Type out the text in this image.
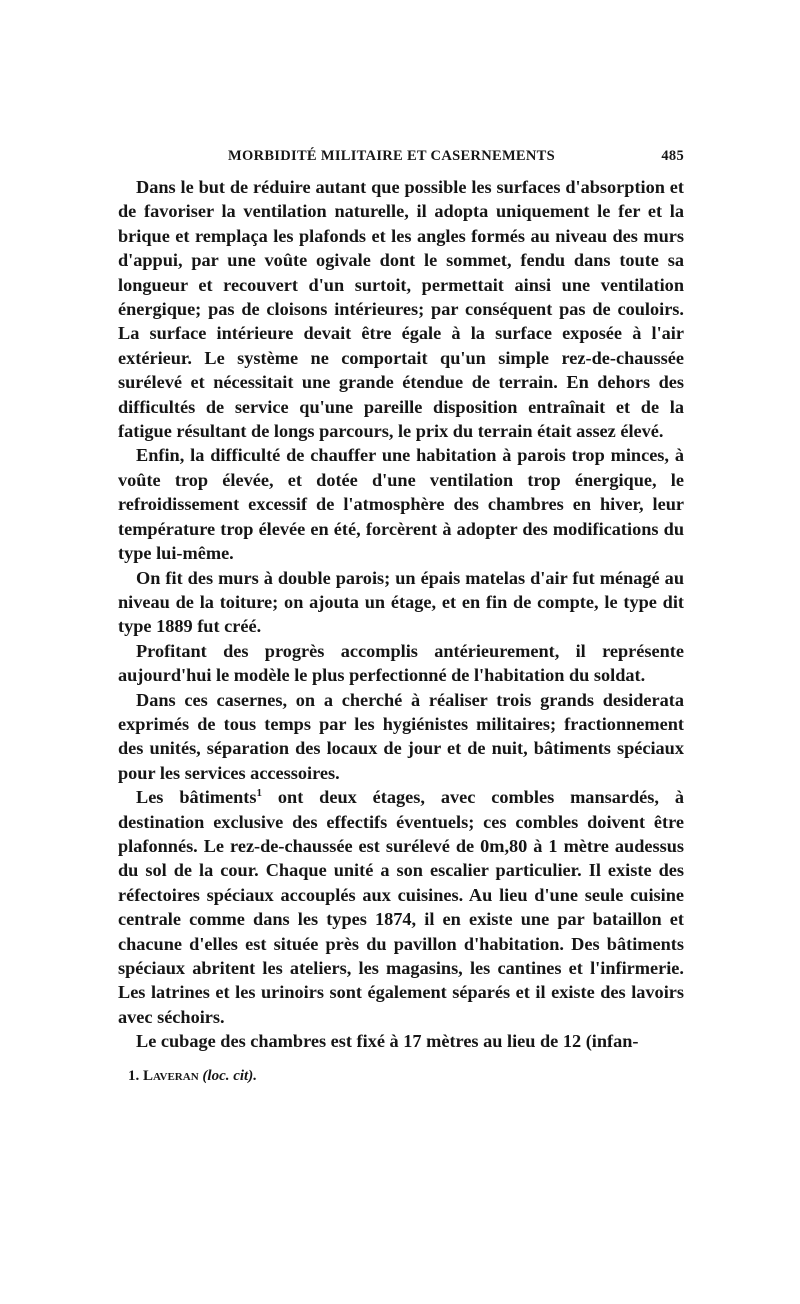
MORBIDITÉ MILITAIRE ET CASERNEMENTS	485

Dans le but de réduire autant que possible les surfaces d'absorption et de favoriser la ventilation naturelle, il adopta uniquement le fer et la brique et remplaça les plafonds et les angles formés au niveau des murs d'appui, par une voûte ogivale dont le sommet, fendu dans toute sa longueur et recouvert d'un surtoit, permettait ainsi une ventilation énergique; pas de cloisons intérieures; par conséquent pas de couloirs. La surface intérieure devait être égale à la surface exposée à l'air extérieur. Le système ne comportait qu'un simple rez-de-chaussée surélevé et nécessitait une grande étendue de terrain. En dehors des difficultés de service qu'une pareille disposition entraînait et de la fatigue résultant de longs parcours, le prix du terrain était assez élevé.

Enfin, la difficulté de chauffer une habitation à parois trop minces, à voûte trop élevée, et dotée d'une ventilation trop énergique, le refroidissement excessif de l'atmosphère des chambres en hiver, leur température trop élevée en été, forcèrent à adopter des modifications du type lui-même.

On fit des murs à double parois; un épais matelas d'air fut ménagé au niveau de la toiture; on ajouta un étage, et en fin de compte, le type dit type 1889 fut créé.

Profitant des progrès accomplis antérieurement, il représente aujourd'hui le modèle le plus perfectionné de l'habitation du soldat.

Dans ces casernes, on a cherché à réaliser trois grands desiderata exprimés de tous temps par les hygiénistes militaires; fractionnement des unités, séparation des locaux de jour et de nuit, bâtiments spéciaux pour les services accessoires.

Les bâtiments$^1$ ont deux étages, avec combles mansardés, à destination exclusive des effectifs éventuels; ces combles doivent être plafonnés. Le rez-de-chaussée est surélevé de 0m,80 à 1 mètre audessus du sol de la cour. Chaque unité a son escalier particulier. Il existe des réfectoires spéciaux accouplés aux cuisines. Au lieu d'une seule cuisine centrale comme dans les types 1874, il en existe une par bataillon et chacune d'elles est située près du pavillon d'habitation. Des bâtiments spéciaux abritent les ateliers, les magasins, les cantines et l'infirmerie. Les latrines et les urinoirs sont également séparés et il existe des lavoirs avec séchoirs.

Le cubage des chambres est fixé à 17 mètres au lieu de 12 (infan-

1. Laveran (loc. cit).
